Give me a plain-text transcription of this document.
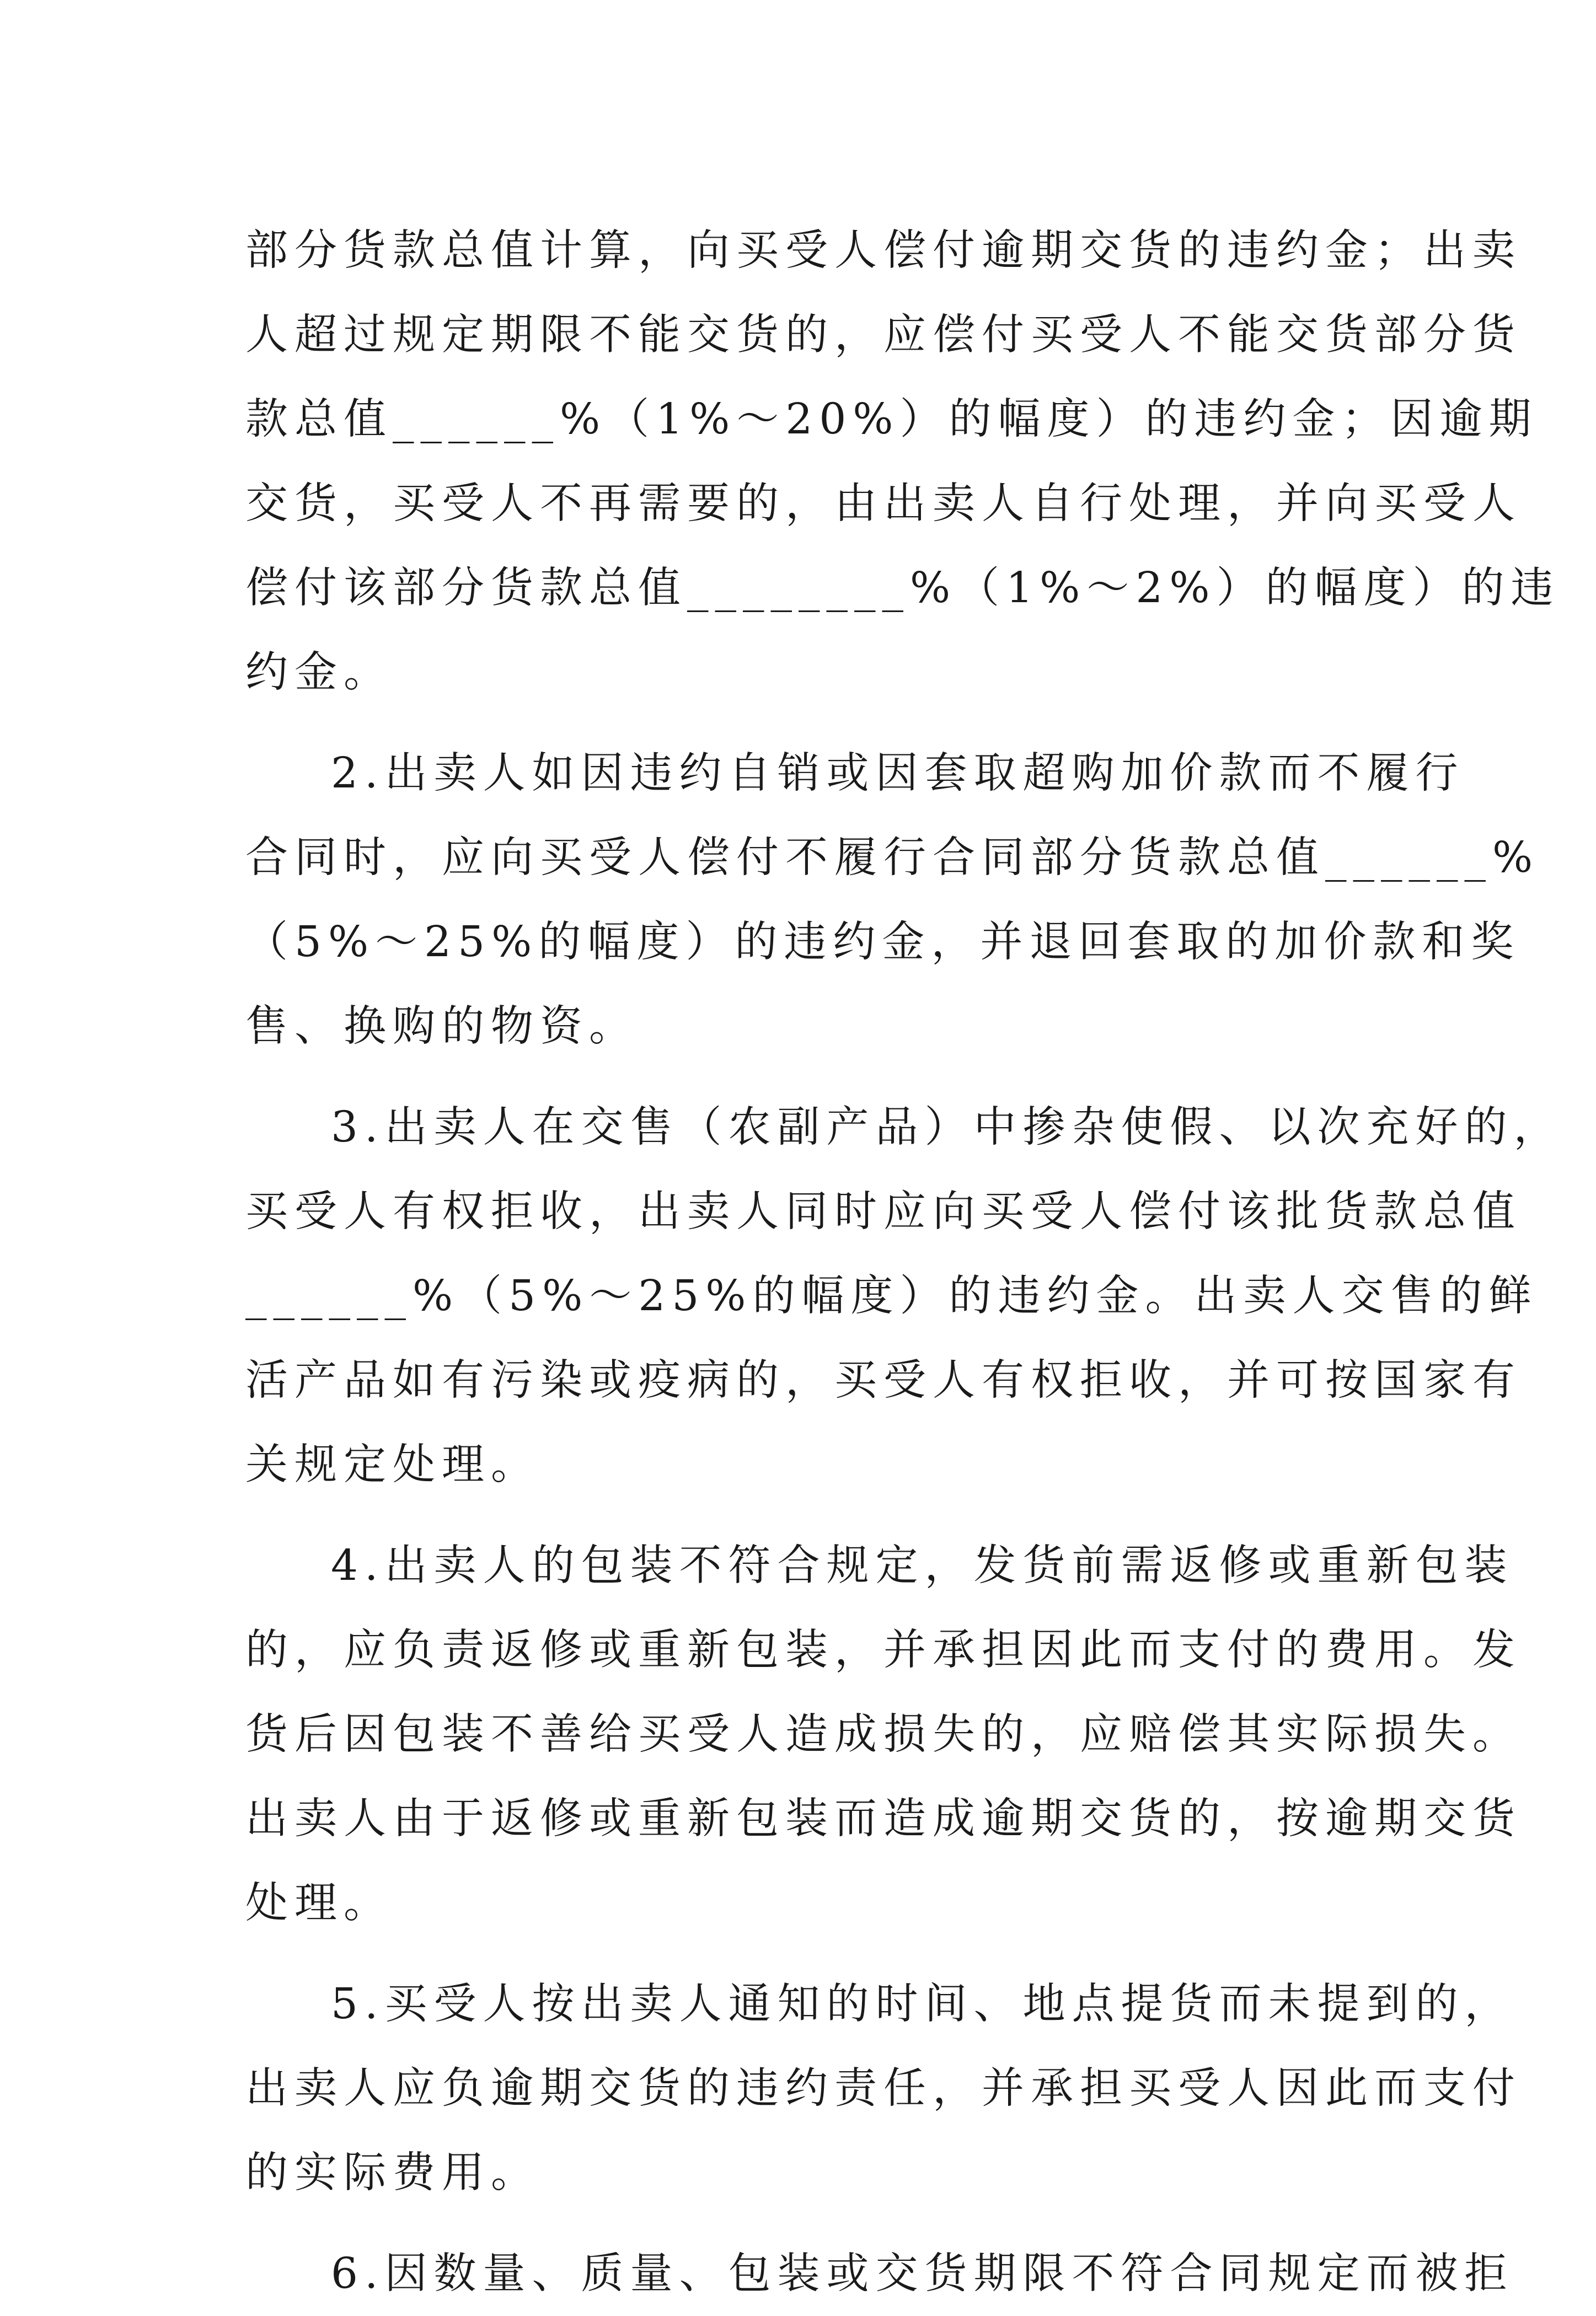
部 分 货 款 总 值 计 算 ， 向 买 受 人 偿 付 逾 期 交 货 的 违 约 金 ； 出 卖
人 超 过 规 定 期 限 不 能 交 货 的 ， 应 偿 付 买 受 人 不 能 交 货 部 分 货
款 总 值 ______ % （ 1% ～ 20% ） 的 幅 度 ） 的 违 约 金 ； 因 逾 期
交 货 ， 买 受 人 不 再 需 要 的 ， 由 出 卖 人 自 行 处 理 ， 并 向 买 受 人
偿 付 该 部 分 货 款 总 值 ________ % （ 1% ～ 2% ） 的 幅 度 ） 的 违
约金。
2. 出 卖 人 如 因 违 约 自 销 或 因 套 取 超 购 加 价 款 而 不 履 行
合 同 时 ， 应 向 买 受 人 偿 付 不 履 行 合 同 部 分 货 款 总 值 ______ %
（ 5% ～ 25% 的 幅 度 ） 的 违 约 金 ， 并 退 回 套 取 的 加 价 款 和 奖
售、换购的物资。
3. 出 卖 人 在 交 售 （ 农 副 产 品 ） 中 掺 杂 使 假 、 以 次 充 好 的 ，
买 受 人 有 权 拒 收 ， 出 卖 人 同 时 应 向 买 受 人 偿 付 该 批 货 款 总 值
______ % （ 5% ～ 25% 的 幅 度 ） 的 违 约 金 。 出 卖 人 交 售 的 鲜
活 产 品 如 有 污 染 或 疫 病 的 ， 买 受 人 有 权 拒 收 ， 并 可 按 国 家 有
关规定处理。
4. 出 卖 人 的 包 装 不 符 合 规 定 ， 发 货 前 需 返 修 或 重 新 包 装
的 ， 应 负 责 返 修 或 重 新 包 装 ， 并 承 担 因 此 而 支 付 的 费 用 。 发
货 后 因 包 装 不 善 给 买 受 人 造 成 损 失 的 ， 应 赔 偿 其 实 际 损 失 。
出 卖 人 由 于 返 修 或 重 新 包 装 而 造 成 逾 期 交 货 的 ， 按 逾 期 交 货
处理。
5. 买 受 人 按 出 卖 人 通 知 的 时 间 、 地 点 提 货 而 未 提 到 的 ，
出 卖 人 应 负 逾 期 交 货 的 违 约 责 任 ， 并 承 担 买 受 人 因 此 而 支 付
的实际费用。
6. 因 数 量 、 质 量 、 包 装 或 交 货 期 限 不 符 合 同 规 定 而 被 拒
